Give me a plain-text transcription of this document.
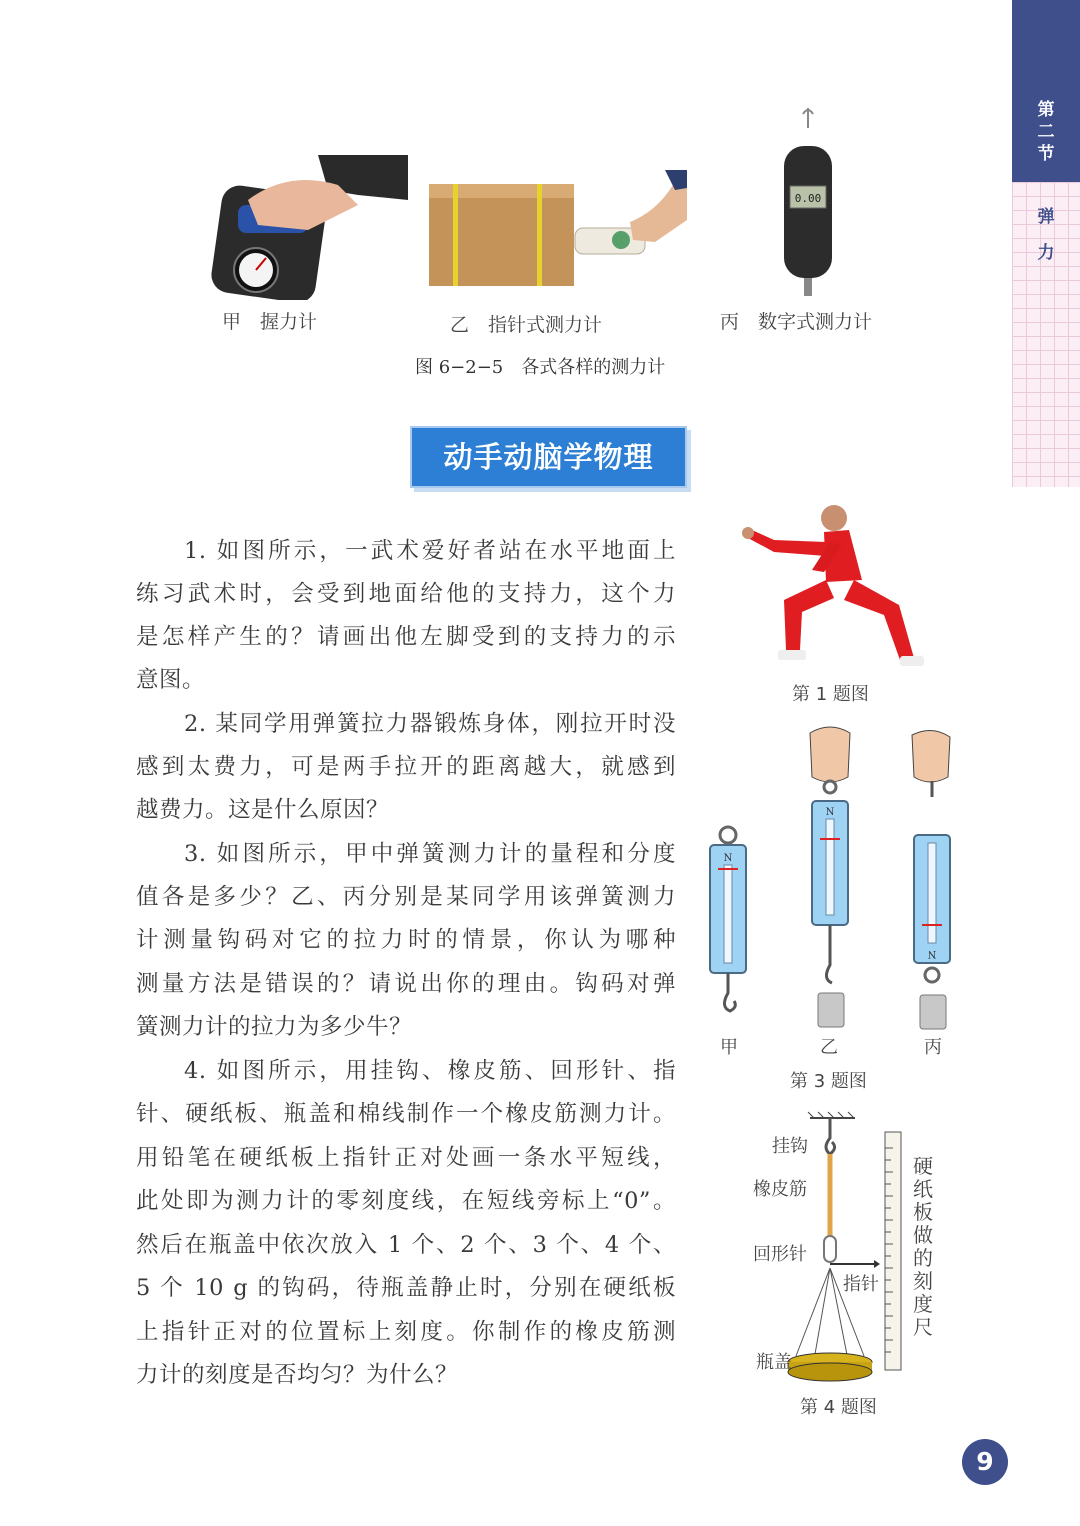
第
二
节
弹
力
0.00
甲　握力计	乙　指针式测力计	丙　数字式测力计
图 6−2−5　各式各样的测力计
动手动脑学物理
1. 如图所示，一武术爱好者站在水平地面上
练习武术时，会受到地面给他的支持力，这个力
是怎样产生的？请画出他左脚受到的支持力的示
意图。
2. 某同学用弹簧拉力器锻炼身体，刚拉开时没
感到太费力，可是两手拉开的距离越大，就感到
越费力。这是什么原因？
3. 如图所示，甲中弹簧测力计的量程和分度
值各是多少？乙、丙分别是某同学用该弹簧测力
计测量钩码对它的拉力时的情景，你认为哪种
测量方法是错误的？请说出你的理由。钩码对弹
簧测力计的拉力为多少牛？
4. 如图所示，用挂钩、橡皮筋、回形针、指
针、硬纸板、瓶盖和棉线制作一个橡皮筋测力计。
用铅笔在硬纸板上指针正对处画一条水平短线，
此处即为测力计的零刻度线，在短线旁标上“0”。
然后在瓶盖中依次放入 1 个、2 个、3 个、4 个、
5 个 10 g 的钩码，待瓶盖静止时，分别在硬纸板
上指针正对的位置标上刻度。你制作的橡皮筋测
力计的刻度是否均匀？为什么？
第 1 题图
N
N
N
甲	乙	丙
第 3 题图
挂钩
橡皮筋
回形针
指针
瓶盖
硬
纸
板
做
的
刻
度
尺
第 4 题图
9
